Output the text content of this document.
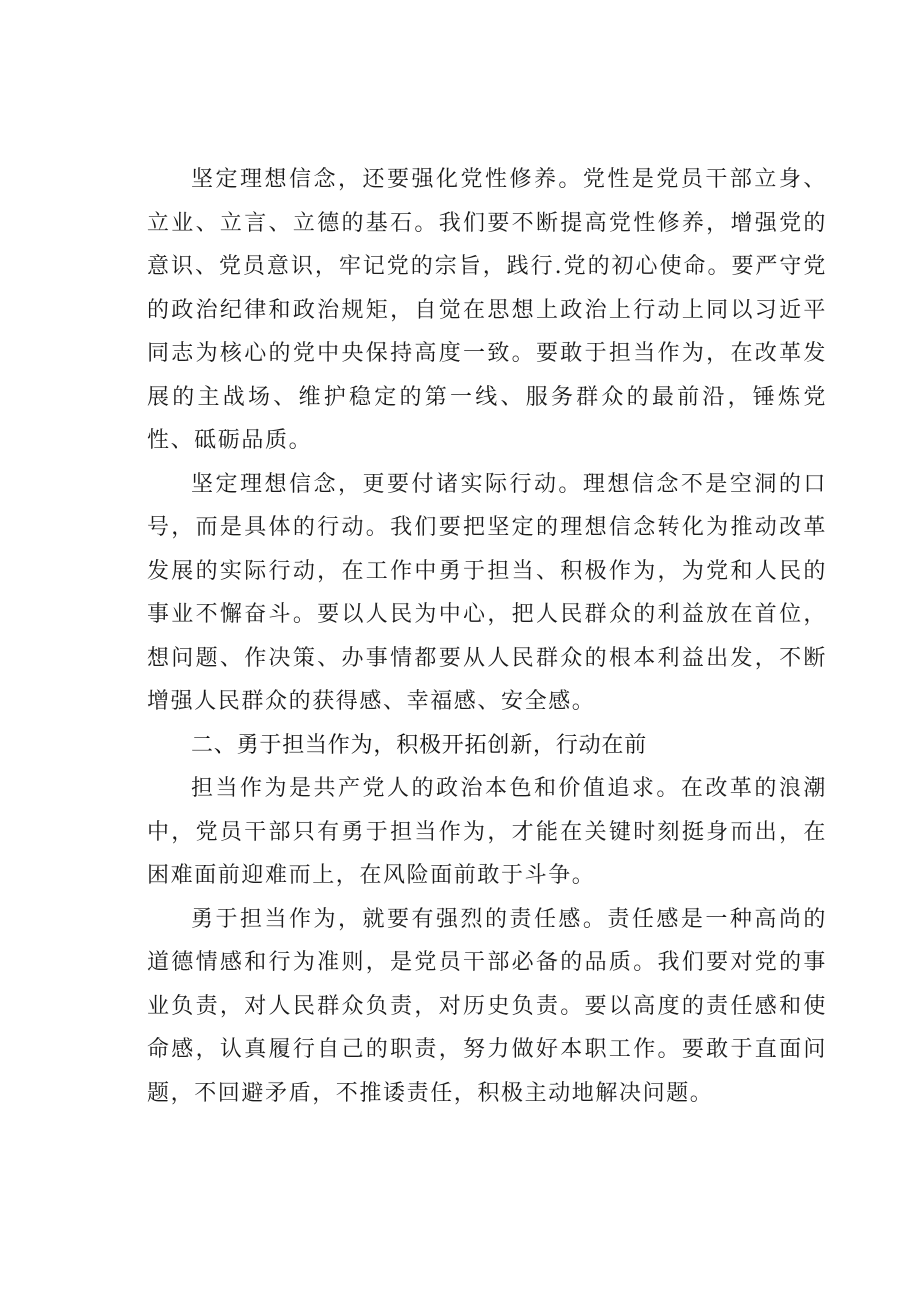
坚定理想信念，还要强化党性修养。党性是党员干部立身、立业、立言、立德的基石。我们要不断提高党性修养，增强党的意识、党员意识，牢记党的宗旨，践行.党的初心使命。要严守党的政治纪律和政治规矩，自觉在思想上政治上行动上同以习近平同志为核心的党中央保持高度一致。要敢于担当作为，在改革发展的主战场、维护稳定的第一线、服务群众的最前沿，锤炼党性、砥砺品质。

坚定理想信念，更要付诸实际行动。理想信念不是空洞的口号，而是具体的行动。我们要把坚定的理想信念转化为推动改革发展的实际行动，在工作中勇于担当、积极作为，为党和人民的事业不懈奋斗。要以人民为中心，把人民群众的利益放在首位，想问题、作决策、办事情都要从人民群众的根本利益出发，不断增强人民群众的获得感、幸福感、安全感。

二、勇于担当作为，积极开拓创新，行动在前

担当作为是共产党人的政治本色和价值追求。在改革的浪潮中，党员干部只有勇于担当作为，才能在关键时刻挺身而出，在困难面前迎难而上，在风险面前敢于斗争。

勇于担当作为，就要有强烈的责任感。责任感是一种高尚的道德情感和行为准则，是党员干部必备的品质。我们要对党的事业负责，对人民群众负责，对历史负责。要以高度的责任感和使命感，认真履行自己的职责，努力做好本职工作。要敢于直面问题，不回避矛盾，不推诿责任，积极主动地解决问题。
